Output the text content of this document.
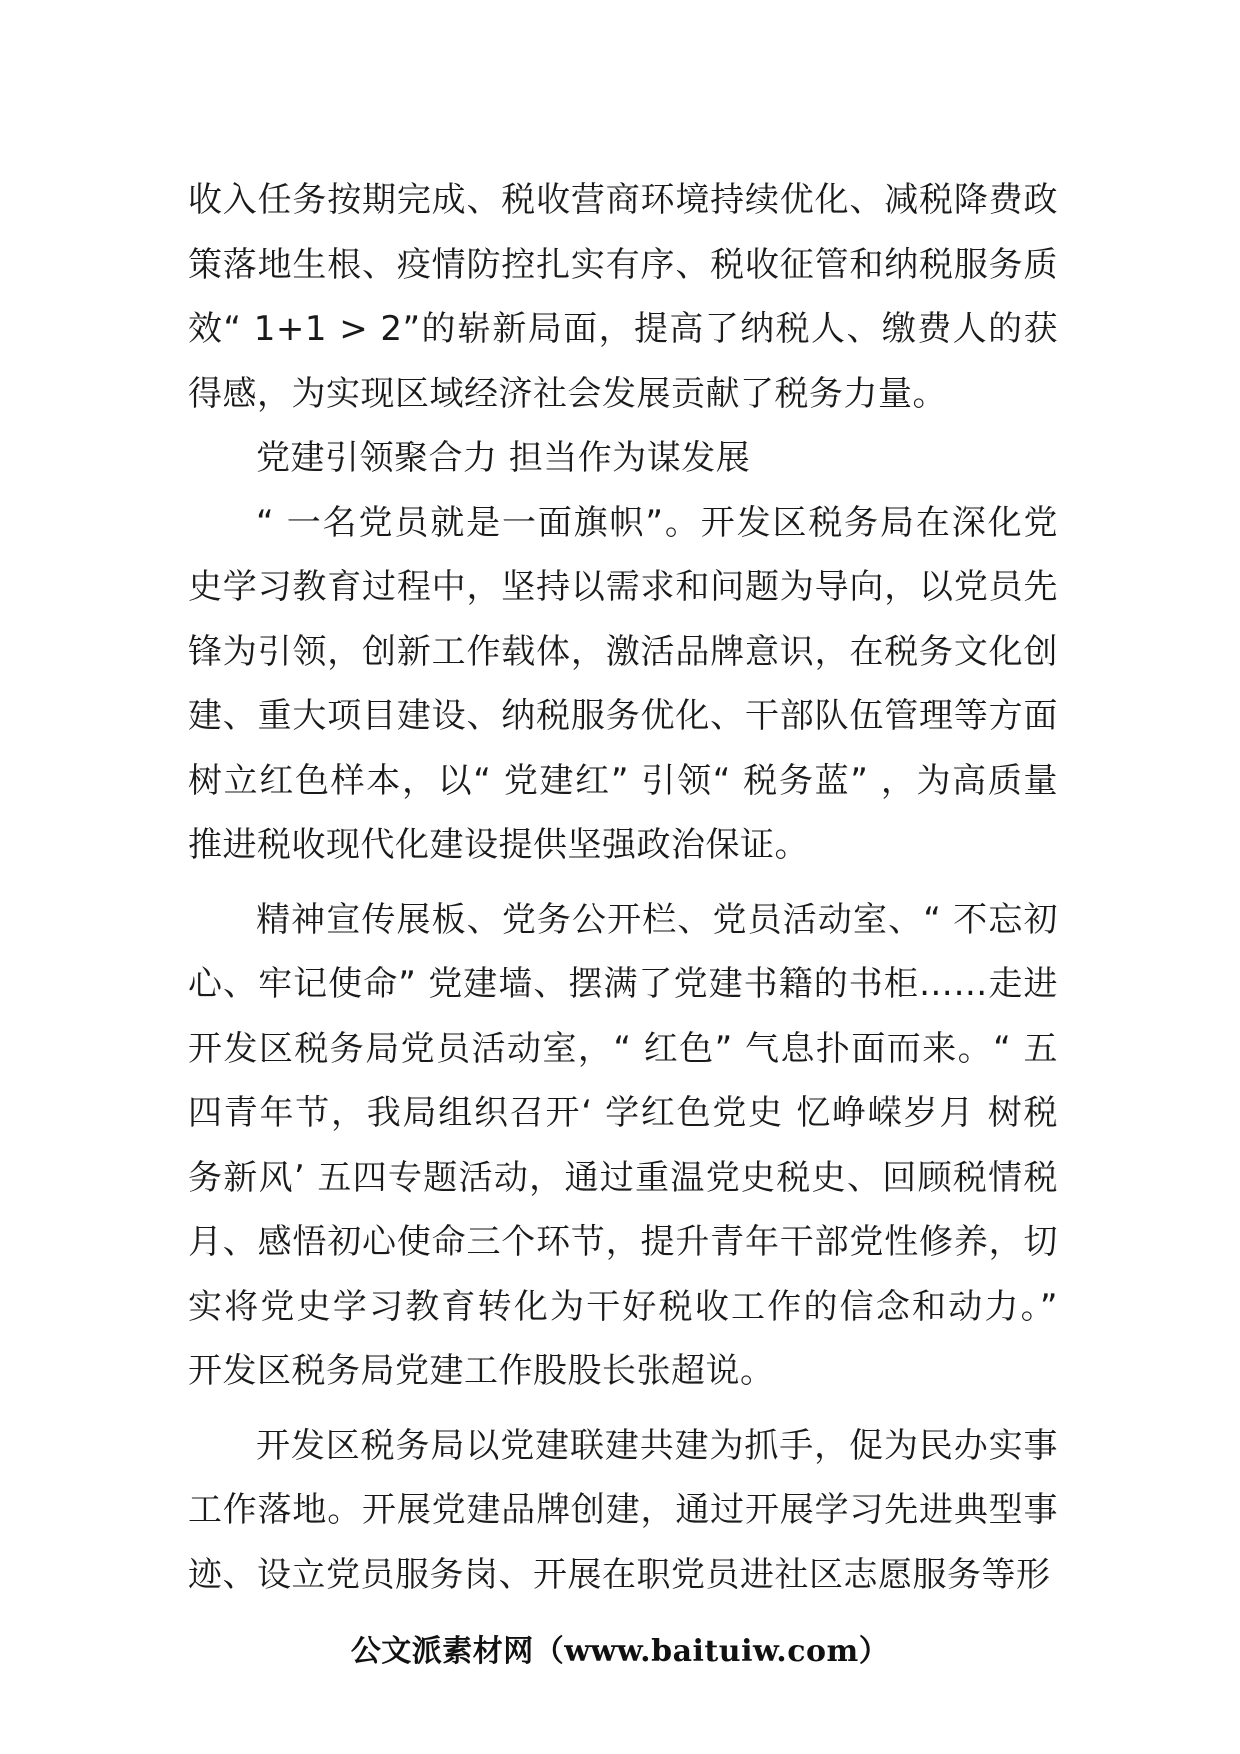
收入任务按期完成、税收营商环境持续优化、减税降费政策落地生根、疫情防控扎实有序、税收征管和纳税服务质效“ 1+1 > 2”的崭新局面，提高了纳税人、缴费人的获得感，为实现区域经济社会发展贡献了税务力量。

党建引领聚合力 担当作为谋发展

“ 一名党员就是一面旗帜”。开发区税务局在深化党史学习教育过程中，坚持以需求和问题为导向，以党员先锋为引领，创新工作载体，激活品牌意识，在税务文化创建、重大项目建设、纳税服务优化、干部队伍管理等方面树立红色样本，以“ 党建红” 引领“ 税务蓝” ，为高质量推进税收现代化建设提供坚强政治保证。

精神宣传展板、党务公开栏、党员活动室、“ 不忘初心、牢记使命” 党建墙、摆满了党建书籍的书柜……走进开发区税务局党员活动室，“ 红色” 气息扑面而来。“ 五四青年节，我局组织召开‘ 学红色党史 忆峥嵘岁月 树税务新风’ 五四专题活动，通过重温党史税史、回顾税情税月、感悟初心使命三个环节，提升青年干部党性修养，切实将党史学习教育转化为干好税收工作的信念和动力。” 开发区税务局党建工作股股长张超说。

开发区税务局以党建联建共建为抓手，促为民办实事工作落地。开展党建品牌创建，通过开展学习先进典型事迹、设立党员服务岗、开展在职党员进社区志愿服务等形

公文派素材网（www.baituiw.com）
